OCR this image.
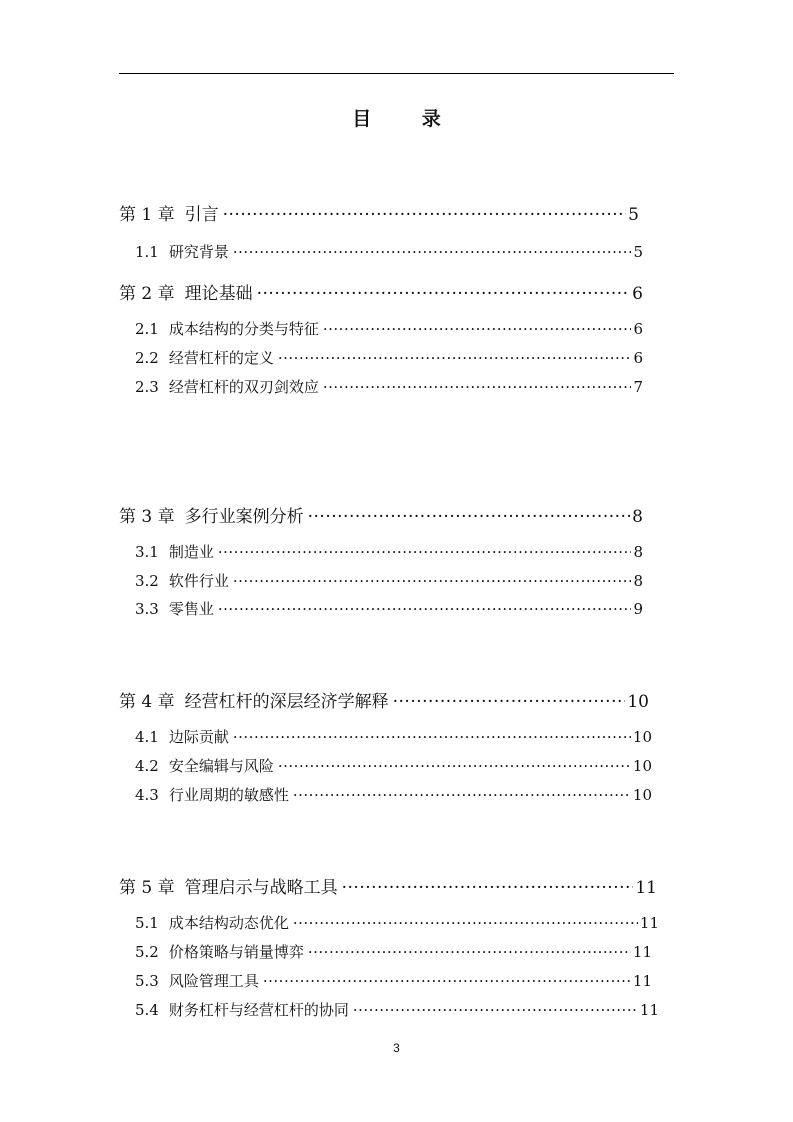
目 录
第 1 章 引言 ·····	5
1.1 研究背景 ·····	5
第 2 章 理论基础 ·····	6
2.1 成本结构的分类与特征 ·····	6
2.2 经营杠杆的定义 ·····	6
2.3 经营杠杆的双刃剑效应 ·····	7
第 3 章 多行业案例分析 ·····	8
3.1 制造业 ·····	8
3.2 软件行业 ·····	8
3.3 零售业 ·····	9
第 4 章 经营杠杆的深层经济学解释 ·····	10
4.1 边际贡献 ·····	10
4.2 安全编辑与风险 ·····	10
4.3 行业周期的敏感性 ·····	10
第 5 章 管理启示与战略工具 ·····	11
5.1 成本结构动态优化 ·····	11
5.2 价格策略与销量博弈 ·····	11
5.3 风险管理工具 ·····	11
5.4 财务杠杆与经营杠杆的协同 ·····	11
3
